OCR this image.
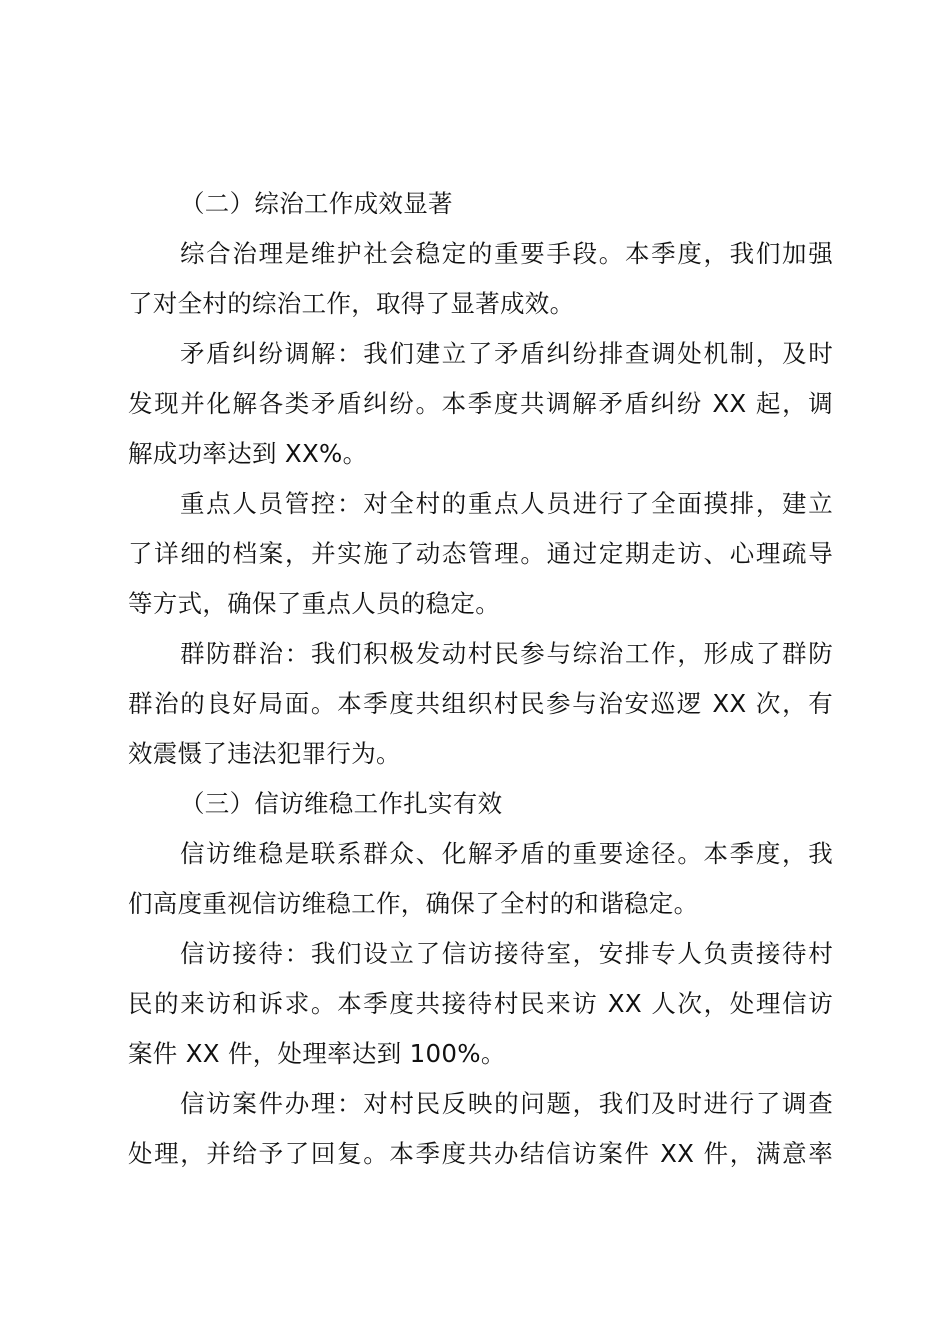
（二）综治工作成效显著

综合治理是维护社会稳定的重要手段。本季度，我们加强
了对全村的综治工作，取得了显著成效。

矛盾纠纷调解：我们建立了矛盾纠纷排查调处机制，及时
发现并化解各类矛盾纠纷。本季度共调解矛盾纠纷 XX 起，调
解成功率达到 XX%。

重点人员管控：对全村的重点人员进行了全面摸排，建立
了详细的档案，并实施了动态管理。通过定期走访、心理疏导
等方式，确保了重点人员的稳定。

群防群治：我们积极发动村民参与综治工作，形成了群防
群治的良好局面。本季度共组织村民参与治安巡逻 XX 次，有
效震慑了违法犯罪行为。

（三）信访维稳工作扎实有效

信访维稳是联系群众、化解矛盾的重要途径。本季度，我
们高度重视信访维稳工作，确保了全村的和谐稳定。

信访接待：我们设立了信访接待室，安排专人负责接待村
民的来访和诉求。本季度共接待村民来访 XX 人次，处理信访
案件 XX 件，处理率达到 100%。

信访案件办理：对村民反映的问题，我们及时进行了调查
处理，并给予了回复。本季度共办结信访案件 XX 件，满意率
